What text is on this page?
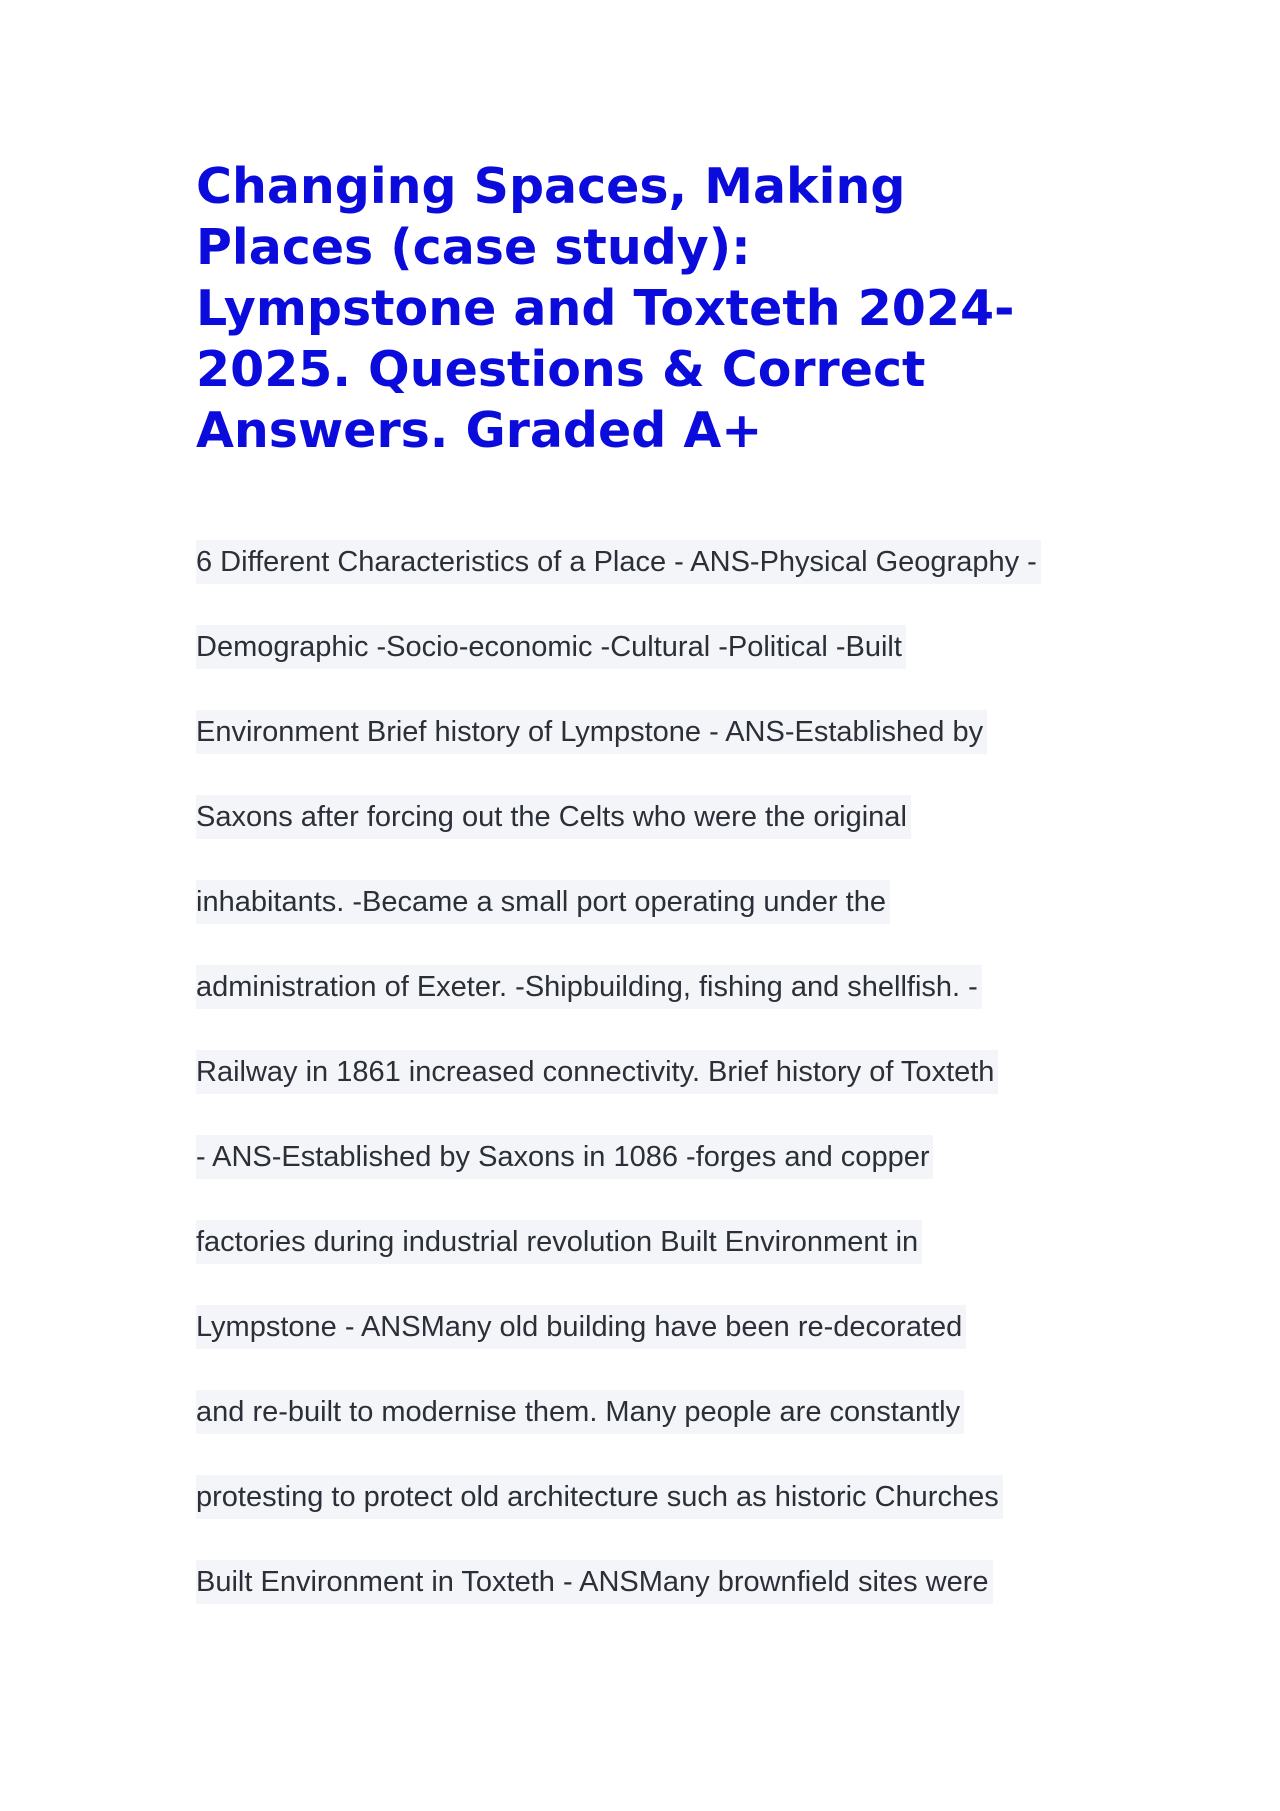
Changing Spaces, Making
Places (case study):
Lympstone and Toxteth 2024-
2025. Questions & Correct
Answers. Graded A+
6 Different Characteristics of a Place - ANS-Physical Geography -
Demographic -Socio-economic -Cultural -Political -Built
Environment Brief history of Lympstone - ANS-Established by
Saxons after forcing out the Celts who were the original
inhabitants. -Became a small port operating under the
administration of Exeter. -Shipbuilding, fishing and shellfish. -
Railway in 1861 increased connectivity. Brief history of Toxteth
- ANS-Established by Saxons in 1086 -forges and copper
factories during industrial revolution Built Environment in
Lympstone - ANSMany old building have been re-decorated
and re-built to modernise them. Many people are constantly
protesting to protect old architecture such as historic Churches
Built Environment in Toxteth - ANSMany brownfield sites were
